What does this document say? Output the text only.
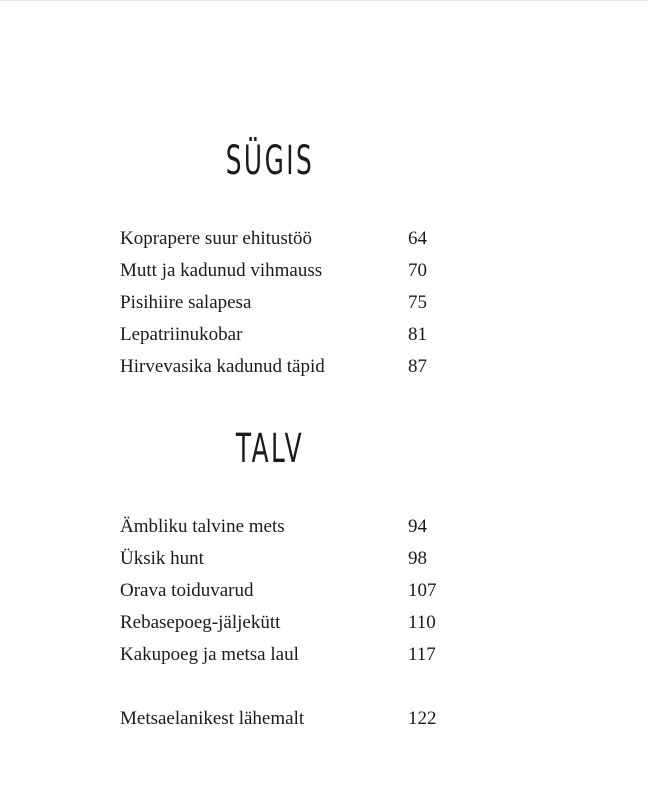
SÜGIS
Koprapere suur ehitustöö	64
Mutt ja kadunud vihmauss	70
Pisihiire salapesa	75
Lepatriinukobar	81
Hirvevasika kadunud täpid	87
TALV
Ämbliku talvine mets	94
Üksik hunt	98
Orava toiduvarud	107
Rebasepoeg-jäljekütt	110
Kakupoeg ja metsa laul	117
Metsaelanikest lähemalt	122
